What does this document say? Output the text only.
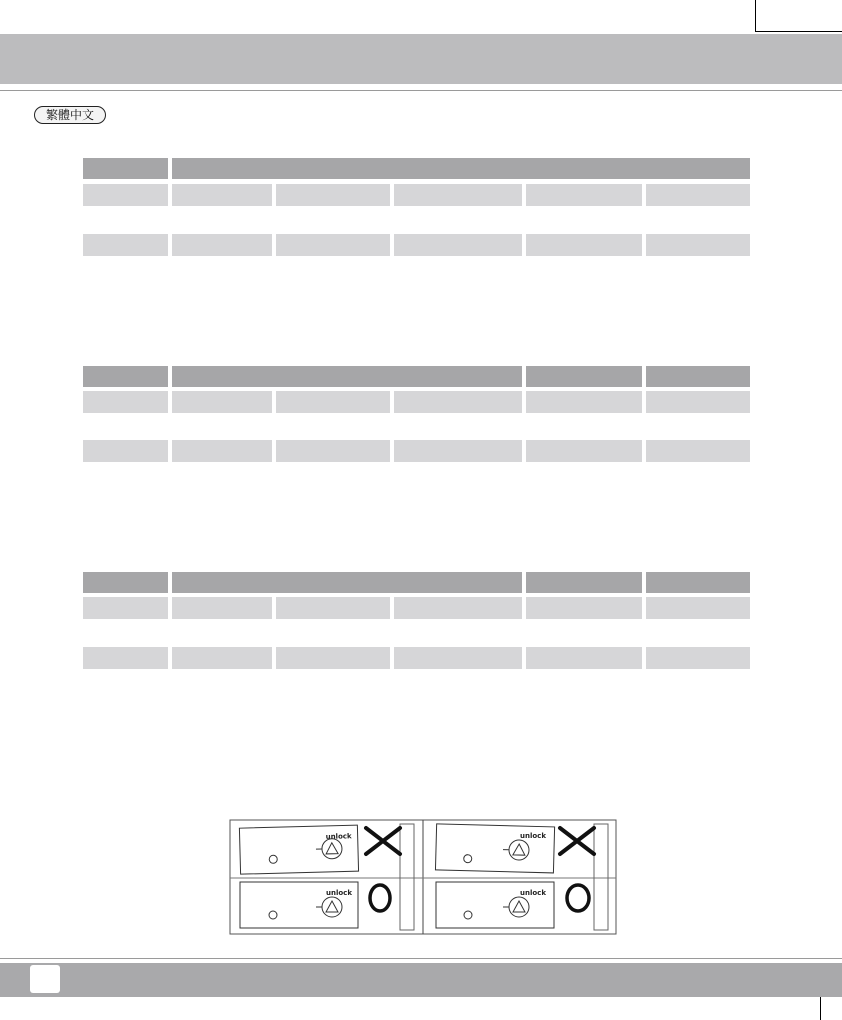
繁體中文
unlock	unlock
unlock	unlock
